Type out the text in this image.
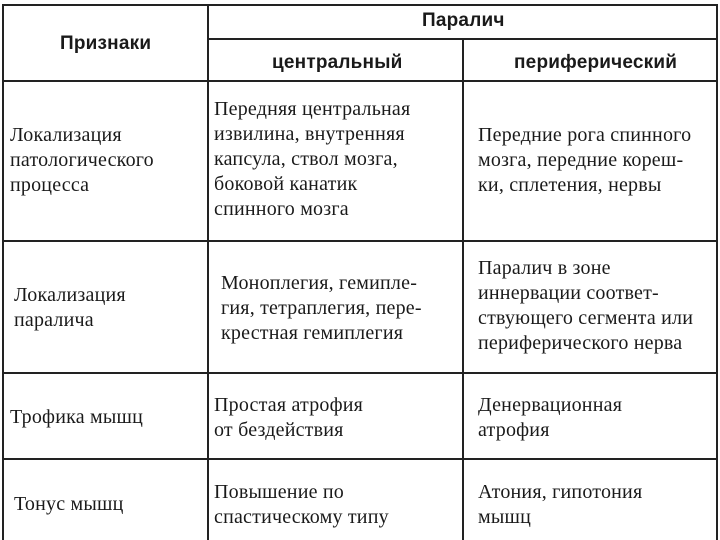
Признаки
Паралич
центральный	периферический
Локализация
патологического
процесса
Передняя центральная
извилина, внутренняя
капсула, ствол мозга,
боковой канатик
спинного мозга
Передние рога спинного
мозга, передние кореш-
ки, сплетения, нервы
Локализация
паралича
Моноплегия, гемипле-
гия, тетраплегия, пере-
крестная гемиплегия
Паралич в зоне
иннервации соответ-
ствующего сегмента или
периферического нерва
Трофика мышц
Простая атрофия
от бездействия
Денервационная
атрофия
Тонус мышц
Повышение по
спастическому типу
Атония, гипотония
мышц
